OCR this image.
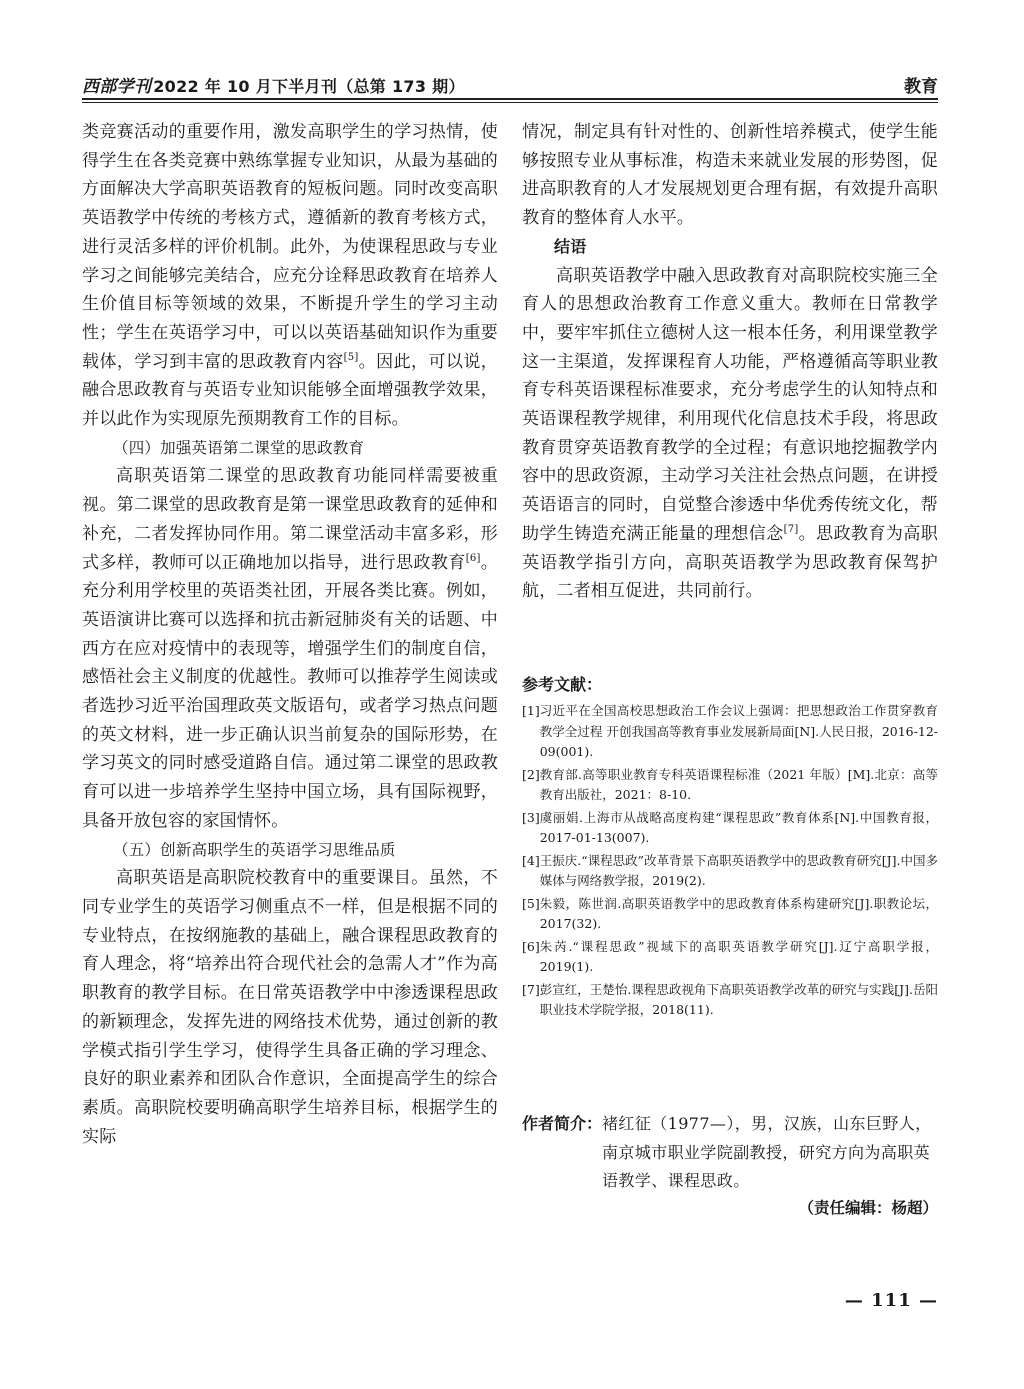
西部学刊 2022 年 10 月下半月刊（总第 173 期）	教育

类竞赛活动的重要作用，激发高职学生的学习热情，使得学生在各类竞赛中熟练掌握专业知识，从最为基础的方面解决大学高职英语教育的短板问题。同时改变高职英语教学中传统的考核方式，遵循新的教育考核方式，进行灵活多样的评价机制。此外，为使课程思政与专业学习之间能够完美结合，应充分诠释思政教育在培养人生价值目标等领域的效果，不断提升学生的学习主动性；学生在英语学习中，可以以英语基础知识作为重要载体，学习到丰富的思政教育内容[5]。因此，可以说，融合思政教育与英语专业知识能够全面增强教学效果，并以此作为实现原先预期教育工作的目标。

（四）加强英语第二课堂的思政教育

高职英语第二课堂的思政教育功能同样需要被重视。第二课堂的思政教育是第一课堂思政教育的延伸和补充，二者发挥协同作用。第二课堂活动丰富多彩，形式多样，教师可以正确地加以指导，进行思政教育[6]。充分利用学校里的英语类社团，开展各类比赛。例如，英语演讲比赛可以选择和抗击新冠肺炎有关的话题、中西方在应对疫情中的表现等，增强学生们的制度自信，感悟社会主义制度的优越性。教师可以推荐学生阅读或者选抄习近平治国理政英文版语句，或者学习热点问题的英文材料，进一步正确认识当前复杂的国际形势，在学习英文的同时感受道路自信。通过第二课堂的思政教育可以进一步培养学生坚持中国立场，具有国际视野，具备开放包容的家国情怀。

（五）创新高职学生的英语学习思维品质

高职英语是高职院校教育中的重要课目。虽然，不同专业学生的英语学习侧重点不一样，但是根据不同的专业特点，在按纲施教的基础上，融合课程思政教育的育人理念，将“培养出符合现代社会的急需人才”作为高职教育的教学目标。在日常英语教学中中渗透课程思政的新颖理念，发挥先进的网络技术优势，通过创新的教学模式指引学生学习，使得学生具备正确的学习理念、良好的职业素养和团队合作意识，全面提高学生的综合素质。高职院校要明确高职学生培养目标，根据学生的实际

情况，制定具有针对性的、创新性培养模式，使学生能够按照专业从事标准，构造未来就业发展的形势图，促进高职教育的人才发展规划更合理有据，有效提升高职教育的整体育人水平。

结语

高职英语教学中融入思政教育对高职院校实施三全育人的思想政治教育工作意义重大。教师在日常教学中，要牢牢抓住立德树人这一根本任务，利用课堂教学这一主渠道，发挥课程育人功能，严格遵循高等职业教育专科英语课程标准要求，充分考虑学生的认知特点和英语课程教学规律，利用现代化信息技术手段，将思政教育贯穿英语教育教学的全过程；有意识地挖掘教学内容中的思政资源，主动学习关注社会热点问题，在讲授英语语言的同时，自觉整合渗透中华优秀传统文化，帮助学生铸造充满正能量的理想信念[7]。思政教育为高职英语教学指引方向，高职英语教学为思政教育保驾护航，二者相互促进，共同前行。

参考文献：
[1] 习近平在全国高校思想政治工作会议上强调：把思想政治工作贯穿教育教学全过程 开创我国高等教育事业发展新局面[N].人民日报，2016-12-09(001).
[2] 教育部.高等职业教育专科英语课程标准（2021 年版）[M].北京：高等教育出版社，2021：8-10.
[3] 虞丽娟.上海市从战略高度构建“课程思政”教育体系[N].中国教育报，2017-01-13(007).
[4] 王振庆.“课程思政”改革背景下高职英语教学中的思政教育研究[J].中国多媒体与网络教学报，2019(2).
[5] 朱毅，陈世润.高职英语教学中的思政教育体系构建研究[J].职教论坛，2017(32).
[6] 朱芮.“课程思政”视域下的高职英语教学研究[J].辽宁高职学报，2019(1).
[7] 彭宣红，王楚怡.课程思政视角下高职英语教学改革的研究与实践[J].岳阳职业技术学院学报，2018(11).
作者简介： 褚红征（1977—），男，汉族，山东巨野人，南京城市职业学院副教授，研究方向为高职英语教学、课程思政。
（责任编辑：杨超）
— 111 —
